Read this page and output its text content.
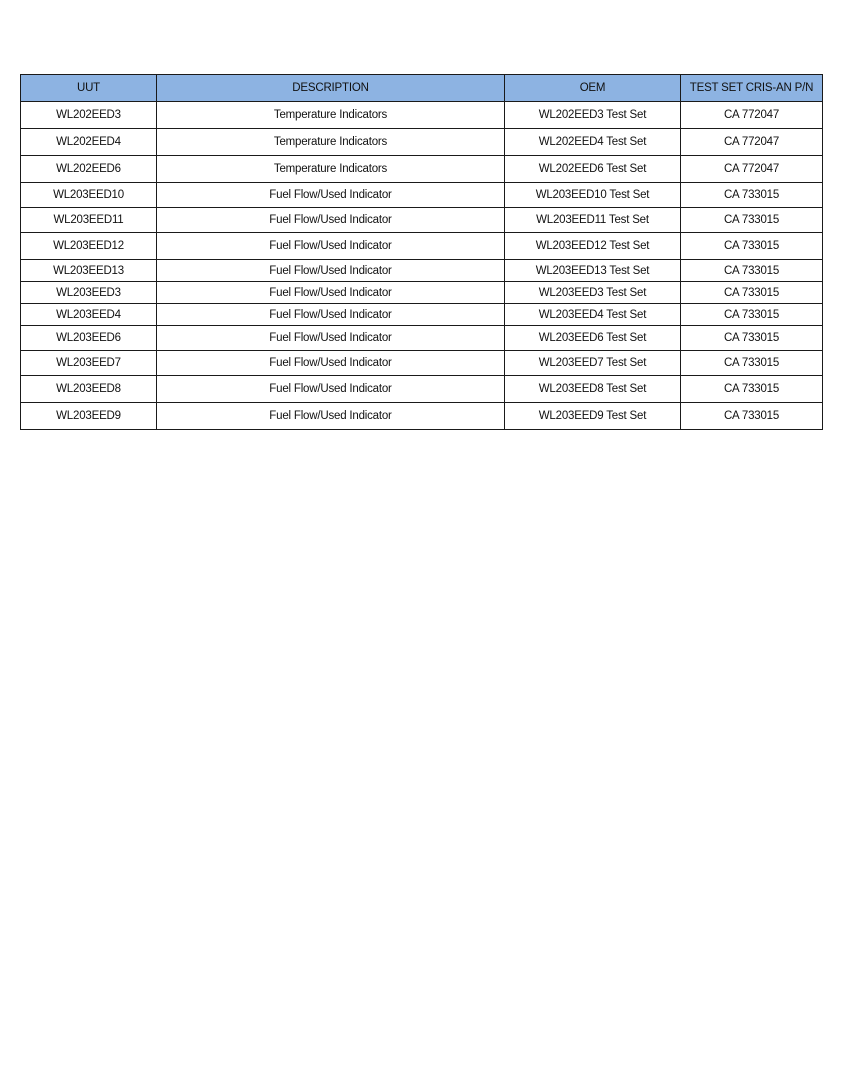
UUT	DESCRIPTION	OEM	TEST SET CRIS-AN P/N
WL202EED3	Temperature Indicators	WL202EED3 Test Set	CA 772047
WL202EED4	Temperature Indicators	WL202EED4 Test Set	CA 772047
WL202EED6	Temperature Indicators	WL202EED6 Test Set	CA 772047
WL203EED10	Fuel Flow/Used Indicator	WL203EED10 Test Set	CA 733015
WL203EED11	Fuel Flow/Used Indicator	WL203EED11 Test Set	CA 733015
WL203EED12	Fuel Flow/Used Indicator	WL203EED12 Test Set	CA 733015
WL203EED13	Fuel Flow/Used Indicator	WL203EED13 Test Set	CA 733015
WL203EED3	Fuel Flow/Used Indicator	WL203EED3 Test Set	CA 733015
WL203EED4	Fuel Flow/Used Indicator	WL203EED4 Test Set	CA 733015
WL203EED6	Fuel Flow/Used Indicator	WL203EED6 Test Set	CA 733015
WL203EED7	Fuel Flow/Used Indicator	WL203EED7 Test Set	CA 733015
WL203EED8	Fuel Flow/Used Indicator	WL203EED8 Test Set	CA 733015
WL203EED9	Fuel Flow/Used Indicator	WL203EED9 Test Set	CA 733015
